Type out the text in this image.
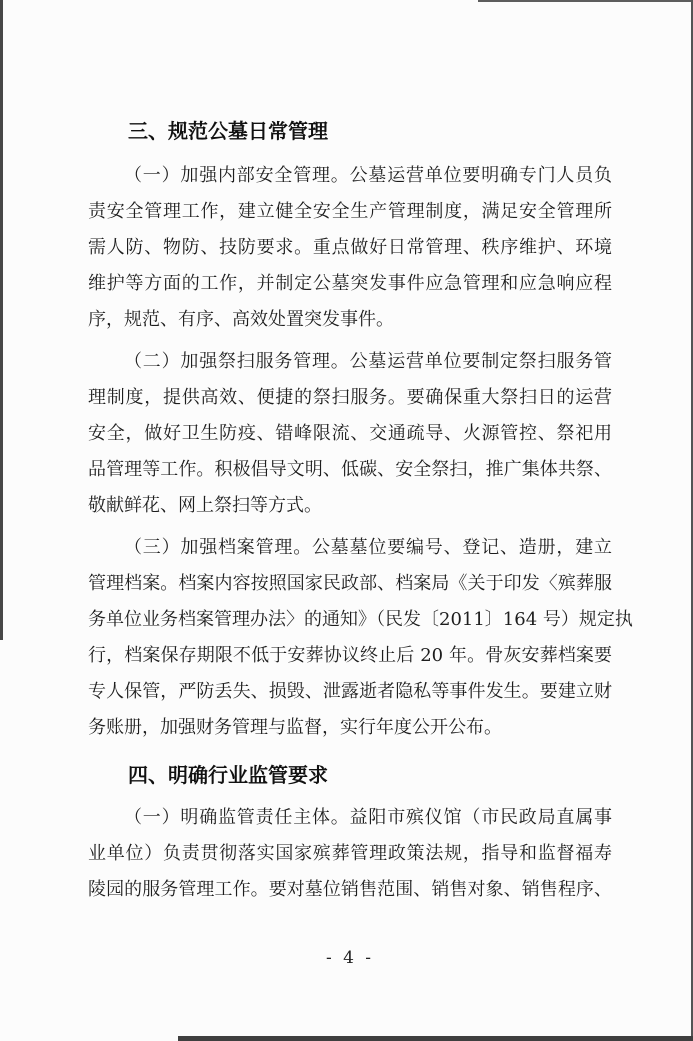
三、规范公墓日常管理
（一）加强内部安全管理。公墓运营单位要明确专门人员负
责安全管理工作，建立健全安全生产管理制度，满足安全管理所
需人防、物防、技防要求。重点做好日常管理、秩序维护、环境
维护等方面的工作，并制定公墓突发事件应急管理和应急响应程
序，规范、有序、高效处置突发事件。
（二）加强祭扫服务管理。公墓运营单位要制定祭扫服务管
理制度，提供高效、便捷的祭扫服务。要确保重大祭扫日的运营
安全，做好卫生防疫、错峰限流、交通疏导、火源管控、祭祀用
品管理等工作。积极倡导文明、低碳、安全祭扫，推广集体共祭、
敬献鲜花、网上祭扫等方式。
（三）加强档案管理。公墓墓位要编号、登记、造册，建立
管理档案。档案内容按照国家民政部、档案局《关于印发〈殡葬服
务单位业务档案管理办法〉的通知》（民发〔2011〕164 号）规定执
行，档案保存期限不低于安葬协议终止后 20 年。骨灰安葬档案要
专人保管，严防丢失、损毁、泄露逝者隐私等事件发生。要建立财
务账册，加强财务管理与监督，实行年度公开公布。
四、明确行业监管要求
（一）明确监管责任主体。益阳市殡仪馆（市民政局直属事
业单位）负责贯彻落实国家殡葬管理政策法规，指导和监督福寿
陵园的服务管理工作。要对墓位销售范围、销售对象、销售程序、
- 4 -
